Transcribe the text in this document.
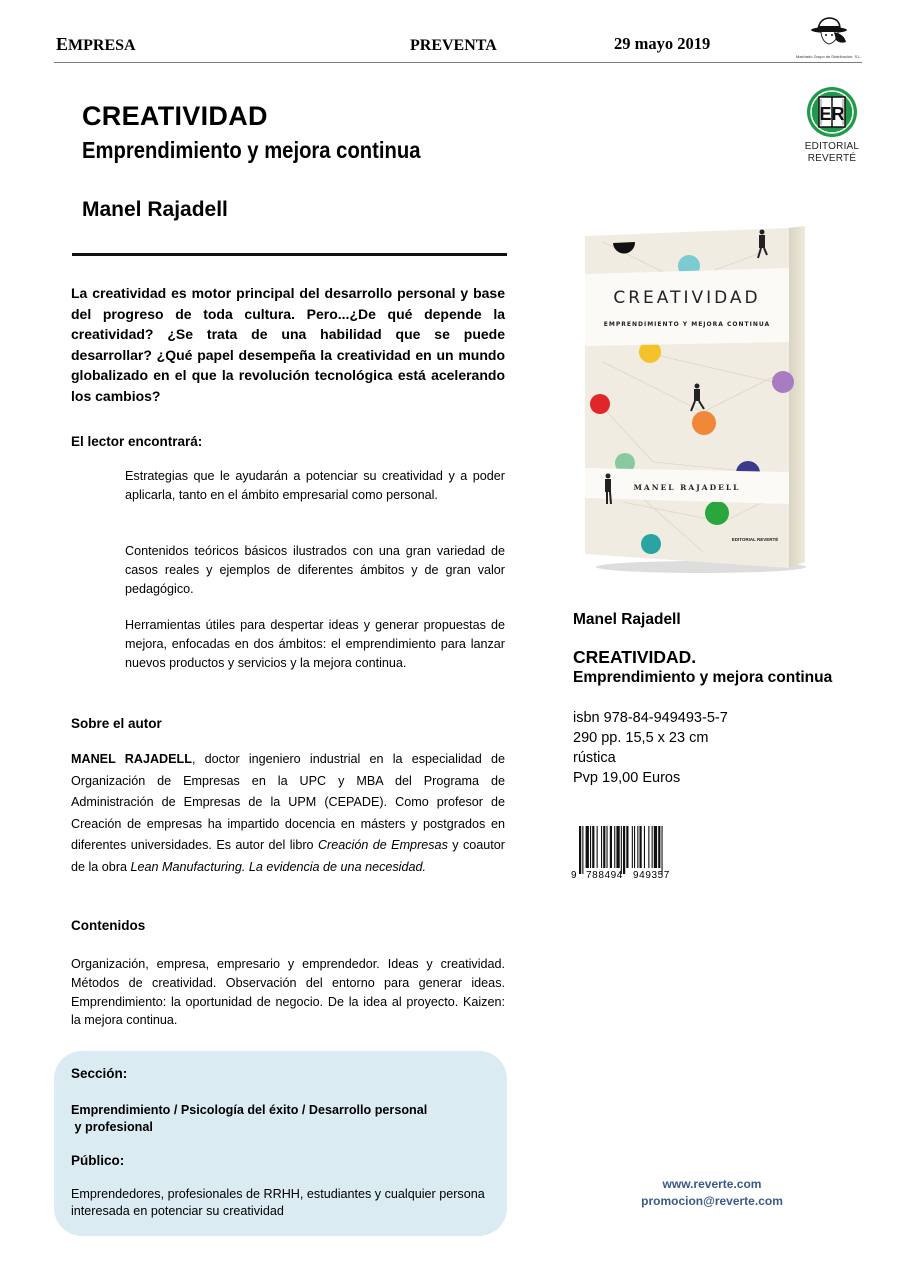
EMPRESA	PREVENTA	29 mayo 2019
Machado Grupo de Distribución, S.L.
CREATIVIDAD
Emprendimiento y mejora continua
Manel Rajadell
ER
EDITORIAL
REVERTÉ
La creatividad es motor principal del desarrollo personal y base del progreso de toda cultura. Pero...¿De qué depende la creatividad? ¿Se trata de una habilidad que se puede desarrollar? ¿Qué papel desempeña la creatividad en un mundo globalizado en el que la revolución tecnológica está acelerando los cambios?
El lector encontrará:
Estrategias que le ayudarán a potenciar su creatividad y a poder aplicarla, tanto en el ámbito empresarial como personal.
Contenidos teóricos básicos ilustrados con una gran variedad de casos reales y ejemplos de diferentes ámbitos y de gran valor pedagógico.
Herramientas útiles para despertar ideas y generar propuestas de mejora, enfocadas en dos ámbitos: el emprendimiento para lanzar nuevos productos y servicios y la mejora continua.
Sobre el autor
MANEL RAJADELL, doctor ingeniero industrial en la especialidad de Organización de Empresas en la UPC y MBA del Programa de Administración de Empresas de la UPM (CEPADE). Como profesor de Creación de empresas ha impartido docencia en másters y postgrados en diferentes universidades. Es autor del libro Creación de Empresas y coautor de la obra Lean Manufacturing. La evidencia de una necesidad.
Contenidos
Organización, empresa, empresario y emprendedor. Ideas y creatividad. Métodos de creatividad. Observación del entorno para generar ideas. Emprendimiento: la oportunidad de negocio. De la idea al proyecto. Kaizen: la mejora continua.
Sección:
Emprendimiento / Psicología del éxito / Desarrollo personal
y profesional
Público:
Emprendedores, profesionales de RRHH, estudiantes y cualquier persona interesada en potenciar su creatividad
CREATIVIDAD
EMPRENDIMIENTO Y MEJORA CONTINUA
MANEL RAJADELL
EDITORIAL REVERTÉ
Manel Rajadell
CREATIVIDAD.
Emprendimiento y mejora continua
isbn 978-84-949493-5-7
290 pp. 15,5 x 23 cm
rústica
Pvp 19,00 Euros
9 788494 949357
www.reverte.com
promocion@reverte.com
